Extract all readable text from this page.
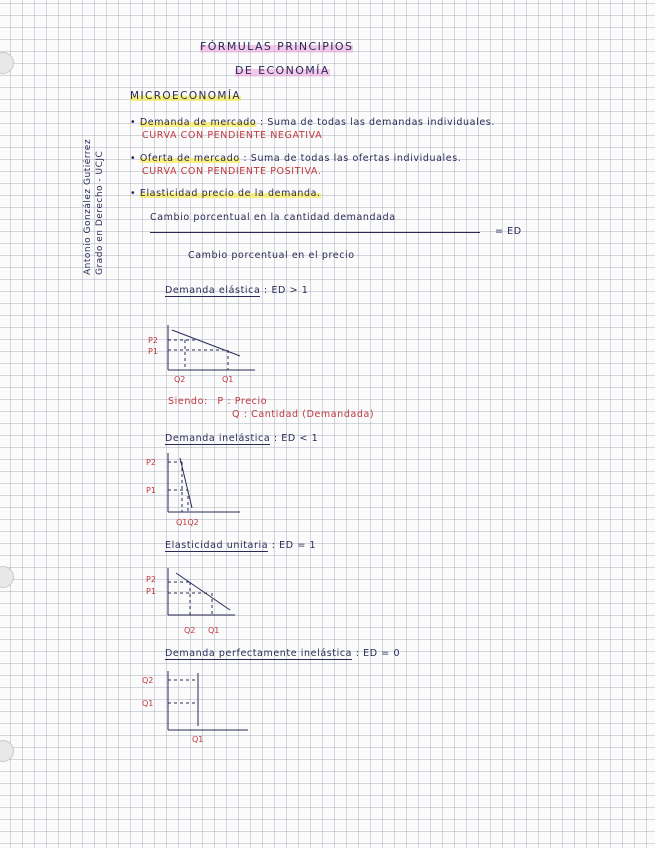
FÓRMULAS PRINCIPIOS
DE ECONOMÍA
Antonio González Gutiérrez Grado en Derecho - UCJC
MICROECONOMÍA
• Demanda de mercado : Suma de todas las demandas individuales.
CURVA CON PENDIENTE NEGATIVA
• Oferta de mercado : Suma de todas las ofertas individuales.
CURVA CON PENDIENTE POSITIVA.
• Elasticidad precio de la demanda.
Cambio porcentual en la cantidad demandada
= ED
Cambio porcentual en el precio
Demanda elástica : ED > 1
P2
P1
Q2	Q1
Siendo: P : Precio
Q : Cantidad (Demandada)
Demanda inelástica : ED < 1
P2
P1
Q1Q2
Elasticidad unitaria : ED = 1
P2
P1
Q2 Q1
Demanda perfectamente inelástica : ED = 0
Q2
Q1
Q1
